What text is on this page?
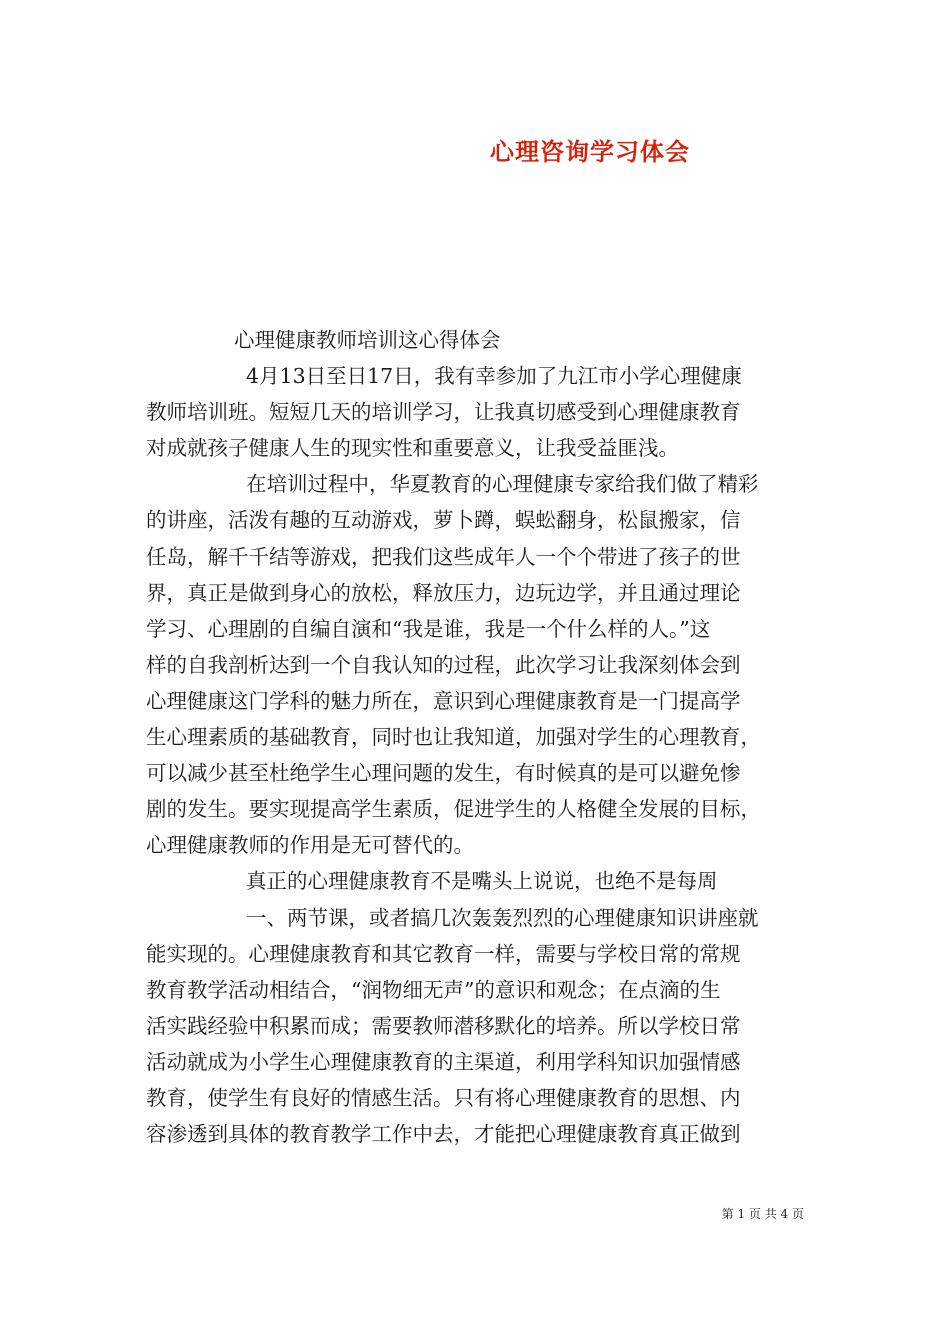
心理咨询学习体会
心理健康教师培训这心得体会
4月13日至日17日，我有幸参加了九江市小学心理健康
教师培训班。短短几天的培训学习，让我真切感受到心理健康教育
对成就孩子健康人生的现实性和重要意义，让我受益匪浅。
在培训过程中，华夏教育的心理健康专家给我们做了精彩
的讲座，活泼有趣的互动游戏，萝卜蹲，蜈蚣翻身，松鼠搬家，信
任岛，解千千结等游戏，把我们这些成年人一个个带进了孩子的世
界，真正是做到身心的放松，释放压力，边玩边学，并且通过理论
学习、心理剧的自编自演和“我是谁，我是一个什么样的人。”这
样的自我剖析达到一个自我认知的过程，此次学习让我深刻体会到
心理健康这门学科的魅力所在，意识到心理健康教育是一门提高学
生心理素质的基础教育，同时也让我知道，加强对学生的心理教育，
可以减少甚至杜绝学生心理问题的发生，有时候真的是可以避免惨
剧的发生。要实现提高学生素质，促进学生的人格健全发展的目标，
心理健康教师的作用是无可替代的。
真正的心理健康教育不是嘴头上说说，也绝不是每周
一、两节课，或者搞几次轰轰烈烈的心理健康知识讲座就
能实现的。心理健康教育和其它教育一样，需要与学校日常的常规
教育教学活动相结合，“润物细无声”的意识和观念；在点滴的生
活实践经验中积累而成；需要教师潜移默化的培养。所以学校日常
活动就成为小学生心理健康教育的主渠道，利用学科知识加强情感
教育，使学生有良好的情感生活。只有将心理健康教育的思想、内
容渗透到具体的教育教学工作中去，才能把心理健康教育真正做到
第 1 页 共 4 页
